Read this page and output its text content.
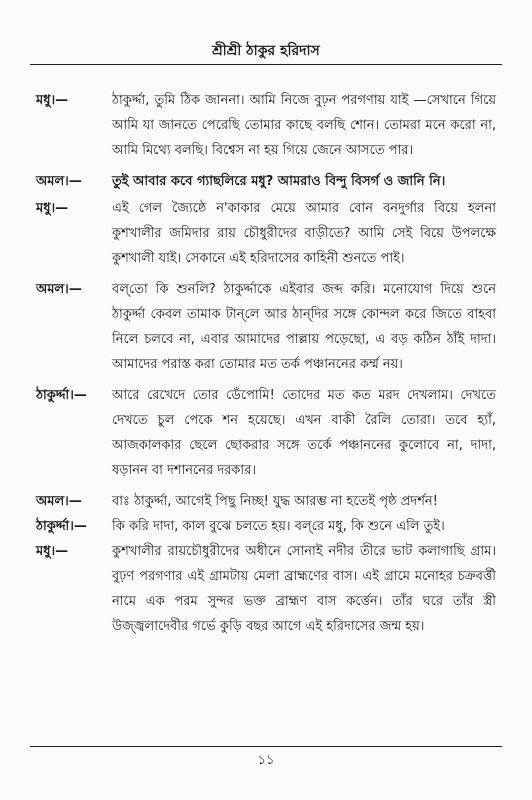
শ্রীশ্রী ঠাকুর হরিদাস
মধু।—	ঠাকুর্দ্দা, তুমি ঠিক জাননা। আমি নিজে বুঢ়ন পরগণায় যাই —সেখানে গিয়ে আমি যা জানতে পেরেছি তোমার কাছে বলছি শোন। তোমরা মনে করো না, আমি মিথ্যে বলছি। বিশ্বেস না হয় গিয়ে জেনে আসতে পার।
অমল।—	তুই আবার কবে গ্যাছলিরে মধু? আমরাও বিন্দু বিসর্গ ও জানি নি।
মধু।—	এই গেল জ্যৈষ্ঠে ন'কাকার মেয়ে আমার বোন বনদুর্গার বিয়ে হলনা কুশখালীর জমিদার রায় চৌধুরীদের বাড়ীতে? আমি সেই বিয়ে উপলক্ষে কুশখালী যাই। সেকানে এই হরিদাসের কাহিনী শুনতে পাই।
অমল।—	বল্‌তো কি শুনলি? ঠাকুর্দ্দাকে এইবার জব্দ করি। মনোযোগ দিয়ে শুনে ঠাকুর্দ্দা কেবল তামাক টান্‌লে আর ঠান্‌দির সঙ্গে কোন্দল করে জিতে বাহবা নিলে চলবে না, এবার আমাদের পাল্লায় পড়েছো, এ বড় কঠিন ঠাঁই দাদা। আমাদের পরাস্ত করা তোমার মত তর্ক পঞ্চাননের কর্ম্ম নয়।
ঠাকুর্দ্দা।—	আরে রেখেদে তোর ডেঁপোমি! তোদের মত কত মরদ দেখলাম। দেখতে দেখতে চুল পেকে শন হয়েছে। এখন বাকী রৈলি তোরা। তবে হ্যাঁ, আজকালকার ছেলে ছোকরার সঙ্গে তর্কে পঞ্চাননের কুলোবে না, দাদা, ষড়ানন বা দশাননের দরকার।
অমল।—	বাঃ ঠাকুর্দ্দা, আগেই পিছু নিচ্ছ! যুদ্ধ আরম্ভ না হতেই পৃষ্ঠ প্রদর্শন!
ঠাকুর্দ্দা।—	কি করি দাদা, কাল বুঝে চলতে হয়। বল্‌রে মধু, কি শুনে এলি তুই।
মধু।—	কুশখালীর রায়চৌধুরীদের অধীনে সোনাই নদীর তীরে ভাট কলাগাছি গ্রাম। বুঢ়ণ পরগণার এই গ্রামটায় মেলা ব্রাহ্মণের বাস। এই গ্রামে মনোহর চক্রবর্ত্তী নামে এক পরম সুন্দর ভক্ত ব্রাহ্মণ বাস কর্ত্তেন। তাঁর ঘরে তাঁর স্ত্রী উজ্জ্বলাদেবীর গর্ভে কুড়ি বছর আগে এই হরিদাসের জন্ম হয়।
১১
